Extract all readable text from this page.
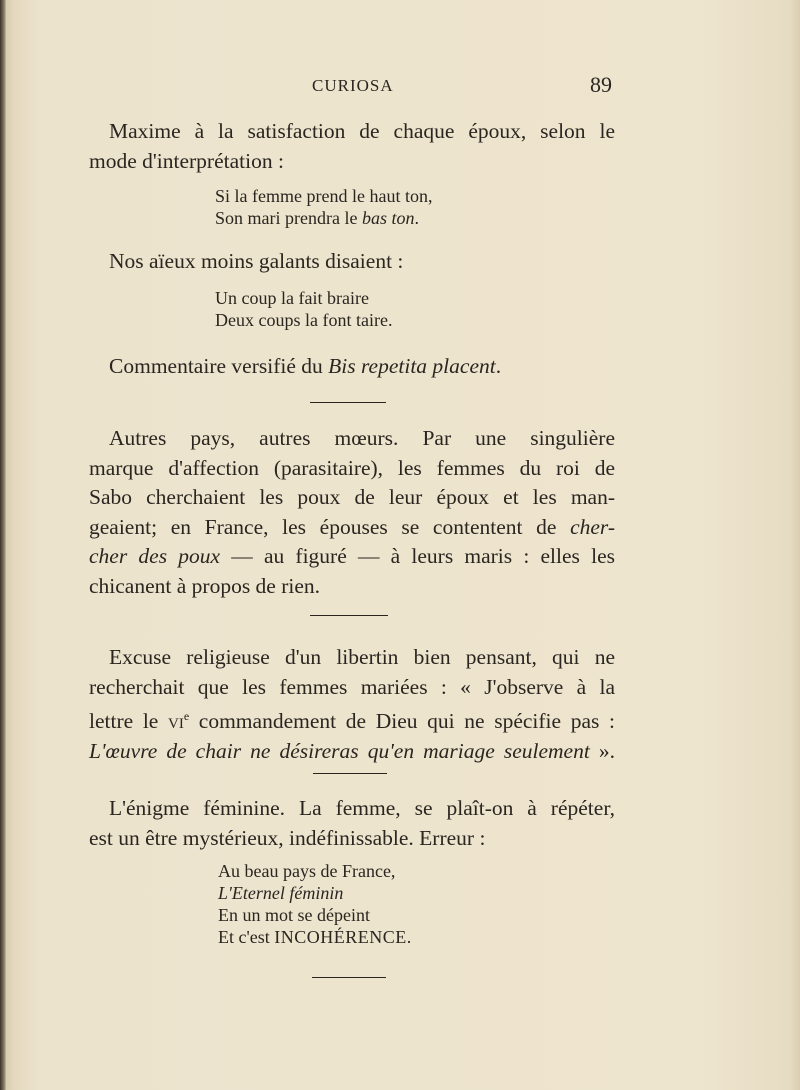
CURIOSA	89

Maxime à la satisfaction de chaque époux, selon le
mode d'interprétation :

Si la femme prend le haut ton,
Son mari prendra le bas ton.

Nos aïeux moins galants disaient :

Un coup la fait braire
Deux coups la font taire.

Commentaire versifié du Bis repetita placent.

Autres pays, autres mœurs. Par une singulière
marque d'affection (parasitaire), les femmes du roi de
Sabo cherchaient les poux de leur époux et les man-
geaient; en France, les épouses se contentent de cher-
cher des poux — au figuré — à leurs maris : elles les
chicanent à propos de rien.

Excuse religieuse d'un libertin bien pensant, qui ne
recherchait que les femmes mariées : « J'observe à la
lettre le $vi^e$ commandement de Dieu qui ne spécifie pas :
L'œuvre de chair ne désireras qu'en mariage seulement ».

L'énigme féminine. La femme, se plaît-on à répéter,
est un être mystérieux, indéfinissable. Erreur :

Au beau pays de France,
L'Eternel féminin
En un mot se dépeint
Et c'est INCOHÉRENCE.
